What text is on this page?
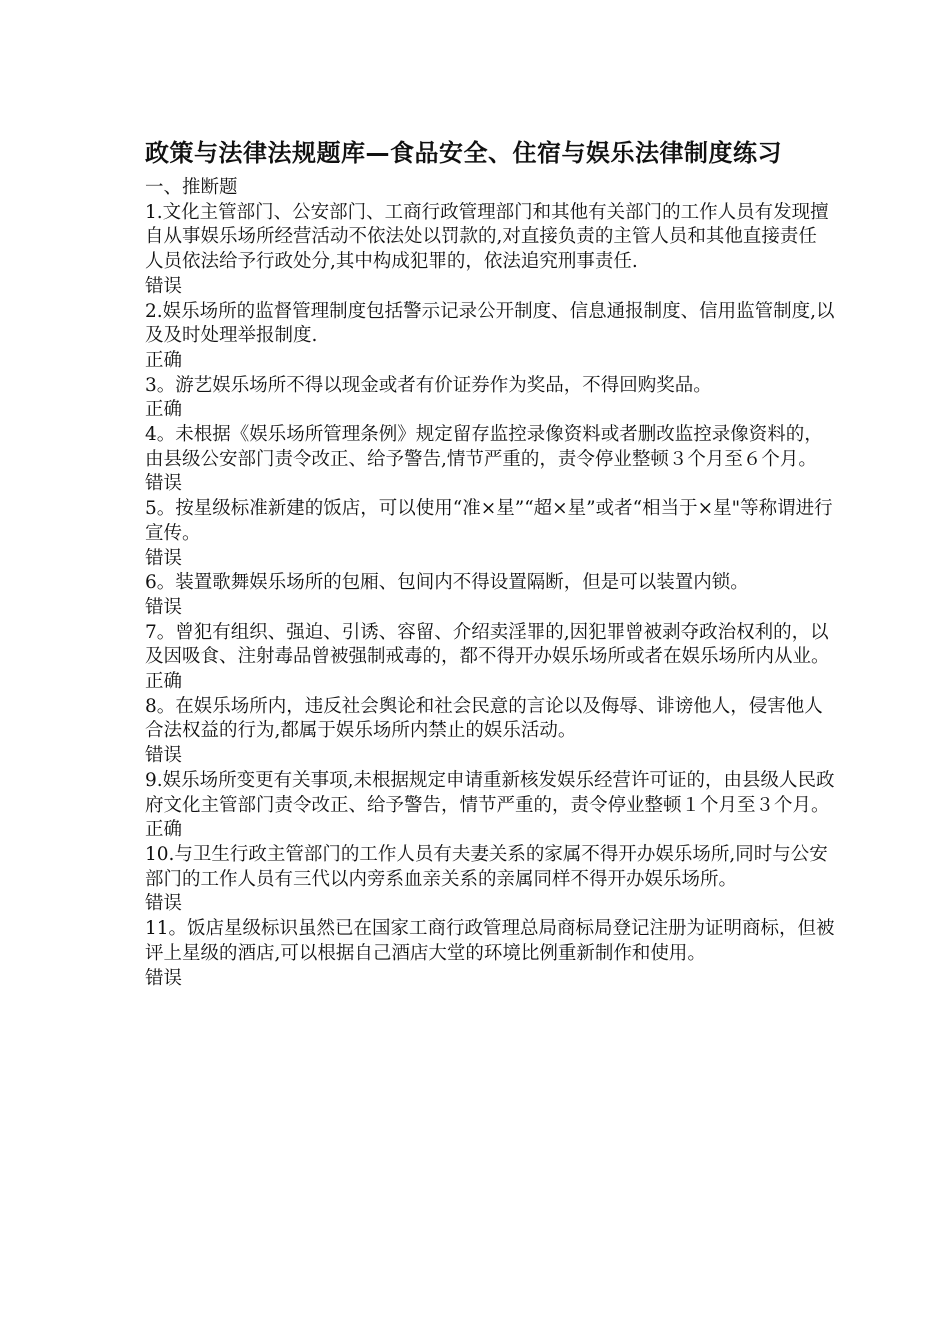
政策与法律法规题库—食品安全、住宿与娱乐法律制度练习

一、推断题

1.文化主管部门、公安部门、工商行政管理部门和其他有关部门的工作人员有发现擅自从事娱乐场所经营活动不依法处以罚款的,对直接负责的主管人员和其他直接责任人员依法给予行政处分,其中构成犯罪的，依法追究刑事责任.
错误
2.娱乐场所的监督管理制度包括警示记录公开制度、信息通报制度、信用监管制度,以及及时处理举报制度.
正确
3。游艺娱乐场所不得以现金或者有价证券作为奖品，不得回购奖品。
正确
4。未根据《娱乐场所管理条例》规定留存监控录像资料或者删改监控录像资料的，由县级公安部门责令改正、给予警告,情节严重的，责令停业整顿３个月至６个月。
错误
5。按星级标准新建的饭店，可以使用“准×星”“超×星”或者“相当于×星"等称谓进行宣传。
错误
6。装置歌舞娱乐场所的包厢、包间内不得设置隔断，但是可以装置内锁。
错误
7。曾犯有组织、强迫、引诱、容留、介绍卖淫罪的,因犯罪曾被剥夺政治权利的，以及因吸食、注射毒品曾被强制戒毒的，都不得开办娱乐场所或者在娱乐场所内从业。
正确
8。在娱乐场所内，违反社会舆论和社会民意的言论以及侮辱、诽谤他人，侵害他人合法权益的行为,都属于娱乐场所内禁止的娱乐活动。
错误
9.娱乐场所变更有关事项,未根据规定申请重新核发娱乐经营许可证的，由县级人民政府文化主管部门责令改正、给予警告，情节严重的，责令停业整顿１个月至３个月。
正确
10.与卫生行政主管部门的工作人员有夫妻关系的家属不得开办娱乐场所,同时与公安部门的工作人员有三代以内旁系血亲关系的亲属同样不得开办娱乐场所。
错误
11。饭店星级标识虽然已在国家工商行政管理总局商标局登记注册为证明商标，但被评上星级的酒店,可以根据自己酒店大堂的环境比例重新制作和使用。
错误
